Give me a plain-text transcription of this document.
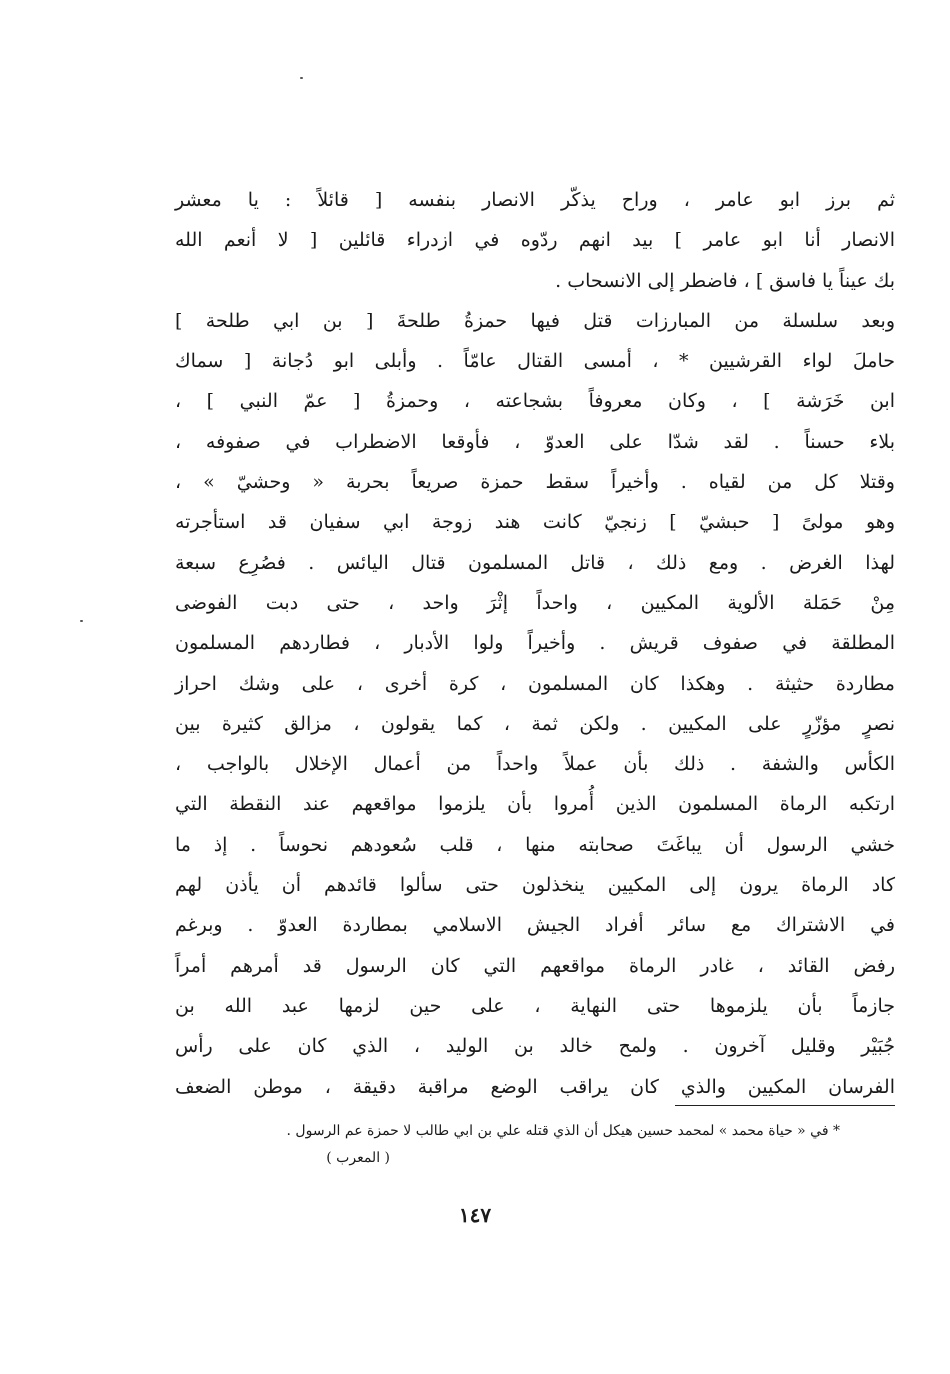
ثم برز ابو عامر ، وراح يذكّر الانصار بنفسه [ قائلاً : يا معشر
الانصار أنا ابو عامر ] بيد انهم ردّوه في ازدراء قائلين [ لا أنعم الله
بك عيناً يا فاسق ] ، فاضطر إلى الانسحاب .
وبعد سلسلة من المبارزات قتل فيها حمزةُ طلحةَ [ بن ابي طلحة ]
حاملَ لواء القرشيين * ، أمسى القتال عامّاً . وأبلى ابو دُجانة [ سماك
ابن خَرَشة ] ، وكان معروفاً بشجاعته ، وحمزةُ [ عمّ النبي ] ،
بلاء حسناً . لقد شدّا على العدوّ ، فأوقعا الاضطراب في صفوفه ،
وقتلا كل من لقياه . وأخيراً سقط حمزة صريعاً بحربة « وحشيّ » ،
وهو مولىً [ حبشيّ ] زنجيّ كانت هند زوجة ابي سفيان قد استأجرته
لهذا الغرض . ومع ذلك ، قاتل المسلمون قتال اليائس . فصُرِع سبعة
مِنْ حَمَلة الألوية المكيين ، واحداً إثْرَ واحد ، حتى دبت الفوضى
المطلقة في صفوف قريش . وأخيراً ولوا الأدبار ، فطاردهم المسلمون
مطاردة حثيثة . وهكذا كان المسلمون ، كرة أخرى ، على وشك احراز
نصرٍ مؤزّرٍ على المكيين . ولكن ثمة ، كما يقولون ، مزالق كثيرة بين
الكأس والشفة . ذلك بأن عملاً واحداً من أعمال الإخلال بالواجب ،
ارتكبه الرماة المسلمون الذين أُمروا بأن يلزموا مواقعهم عند النقطة التي
خشي الرسول أن يباغَتَ صحابته منها ، قلب سُعودهم نحوساً . إذ ما
كاد الرماة يرون إلى المكيين ينخذلون حتى سألوا قائدهم أن يأذن لهم
في الاشتراك مع سائر أفراد الجيش الاسلامي بمطاردة العدوّ . وبرغم
رفض القائد ، غادر الرماة مواقعهم التي كان الرسول قد أمرهم أمراً
جازماً بأن يلزموها حتى النهاية ، على حين لزمها عبد الله بن
جُبَيْر وقليل آخرون . ولمح خالد بن الوليد ، الذي كان على رأس
الفرسان المكيين والذي كان يراقب الوضع مراقبة دقيقة ، موطن الضعف
* في « حياة محمد » لمحمد حسين هيكل أن الذي قتله علي بن ابي طالب لا حمزة عم الرسول .
( المعرب )
١٤٧
